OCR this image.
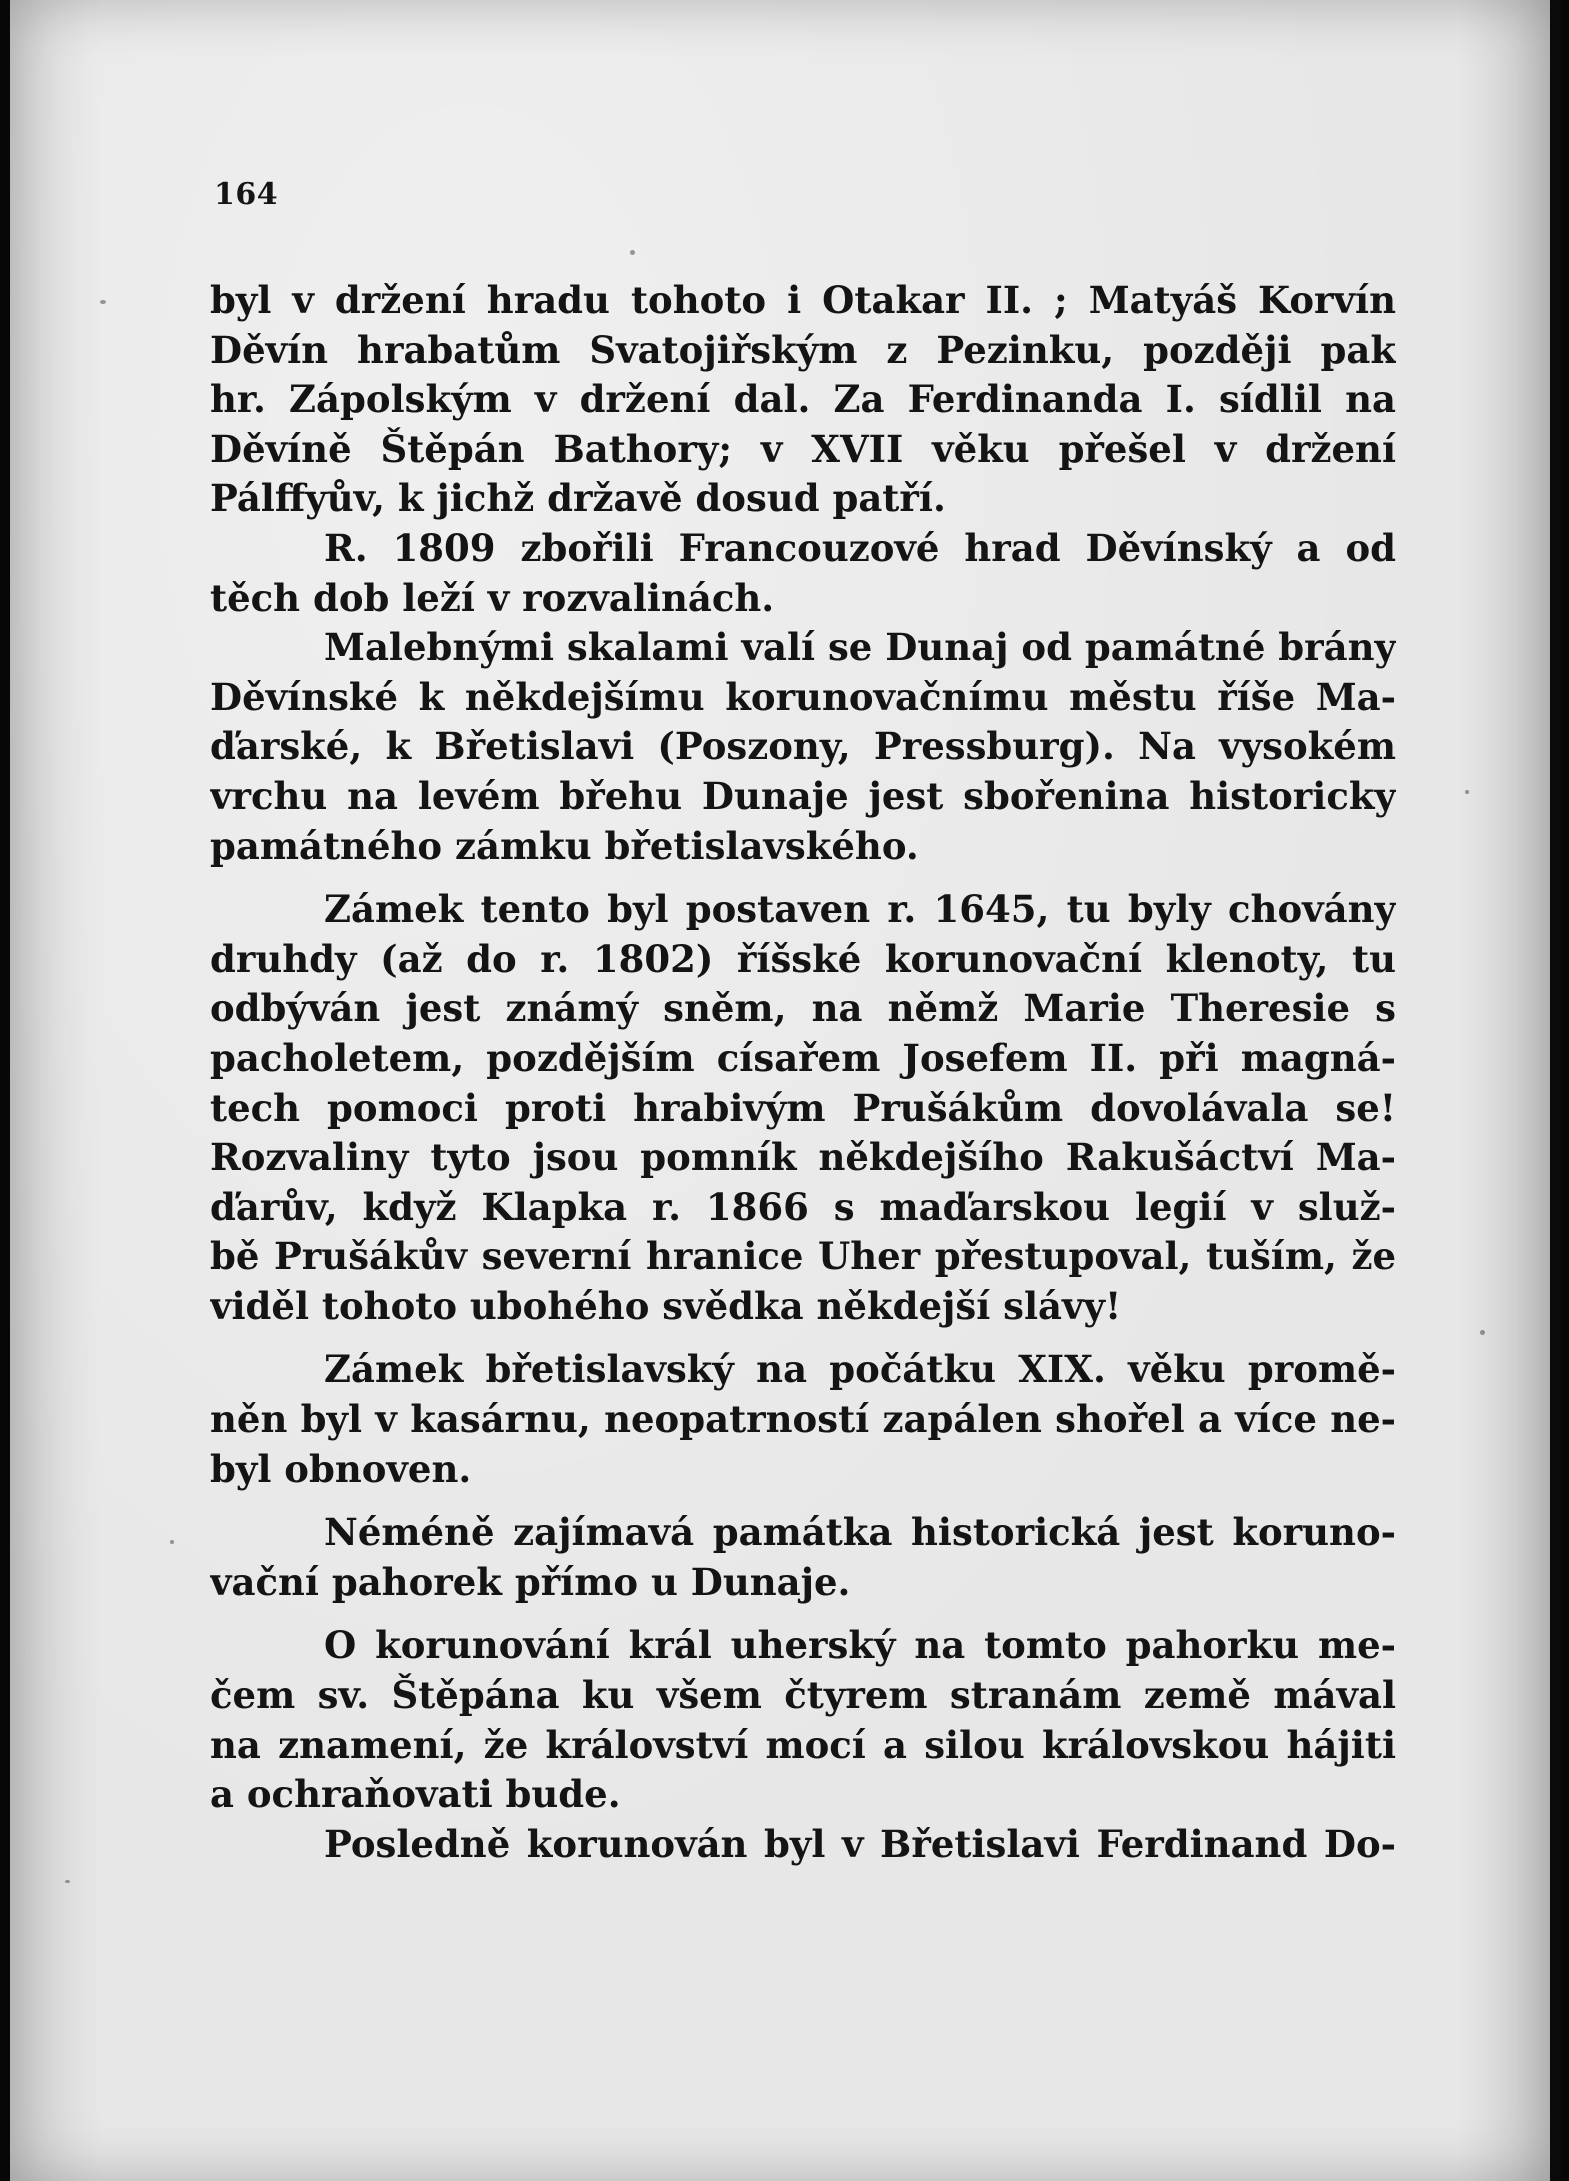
164
byl v držení hradu tohoto i Otakar II. ; Matyáš Korvín
Děvín hrabatům Svatojiřským z Pezinku, později pak
hr. Zápolským v držení dal. Za Ferdinanda I. sídlil na
Děvíně Štěpán Bathory; v XVII věku přešel v držení
Pálffyův, k jichž državě dosud patří.
R. 1809 zbořili Francouzové hrad Děvínský a od
těch dob leží v rozvalinách.
Malebnými skalami valí se Dunaj od památné brány
Děvínské k někdejšímu korunovačnímu městu říše Ma-
ďarské, k Břetislavi (Poszony, Pressburg). Na vysokém
vrchu na levém břehu Dunaje jest sbořenina historicky
památného zámku břetislavského.
Zámek tento byl postaven r. 1645, tu byly chovány
druhdy (až do r. 1802) říšské korunovační klenoty, tu
odbýván jest známý sněm, na němž Marie Theresie s
pacholetem, pozdějším císařem Josefem II. při magná-
tech pomoci proti hrabivým Prušákům dovolávala se!
Rozvaliny tyto jsou pomník někdejšího Rakušáctví Ma-
ďarův, když Klapka r. 1866 s maďarskou legií v služ-
bě Prušákův severní hranice Uher přestupoval, tuším, že
viděl tohoto ubohého svědka někdejší slávy!
Zámek břetislavský na počátku XIX. věku promě-
něn byl v kasárnu, neopatrností zapálen shořel a více ne-
byl obnoven.
Néméně zajímavá památka historická jest koruno-
vační pahorek přímo u Dunaje.
O korunování král uherský na tomto pahorku me-
čem sv. Štěpána ku všem čtyrem stranám země mával
na znamení, že království mocí a silou královskou hájiti
a ochraňovati bude.
Posledně korunován byl v Břetislavi Ferdinand Do-
